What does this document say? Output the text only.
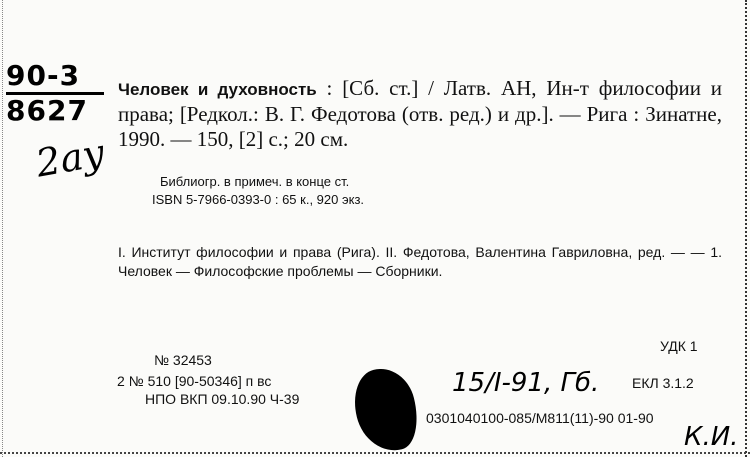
90-3
8627
2ay
Человек и духовность : [Сб. ст.] / Латв. АН, Ин-т философии и права; [Редкол.: В. Г. Федотова (отв. ред.) и др.]. — Рига : Зинатне, 1990. — 150, [2] с.; 20 см.
Библиогр. в примеч. в конце ст.
ISBN 5-7966-0393-0 : 65 к., 920 экз.
I. Институт философии и права (Рига). II. Федотова, Валентина Гавриловна, ред. — — 1. Человек — Философские проблемы — Сборники.
УДК 1
№ 32453
2 № 510 [90-50346] п вс
НПО ВКП 09.10.90 Ч-39
15/I-91, Гб. ЕКЛ 3.1.2
0301040100-085/М811(11)-90 01-90
К.И.
